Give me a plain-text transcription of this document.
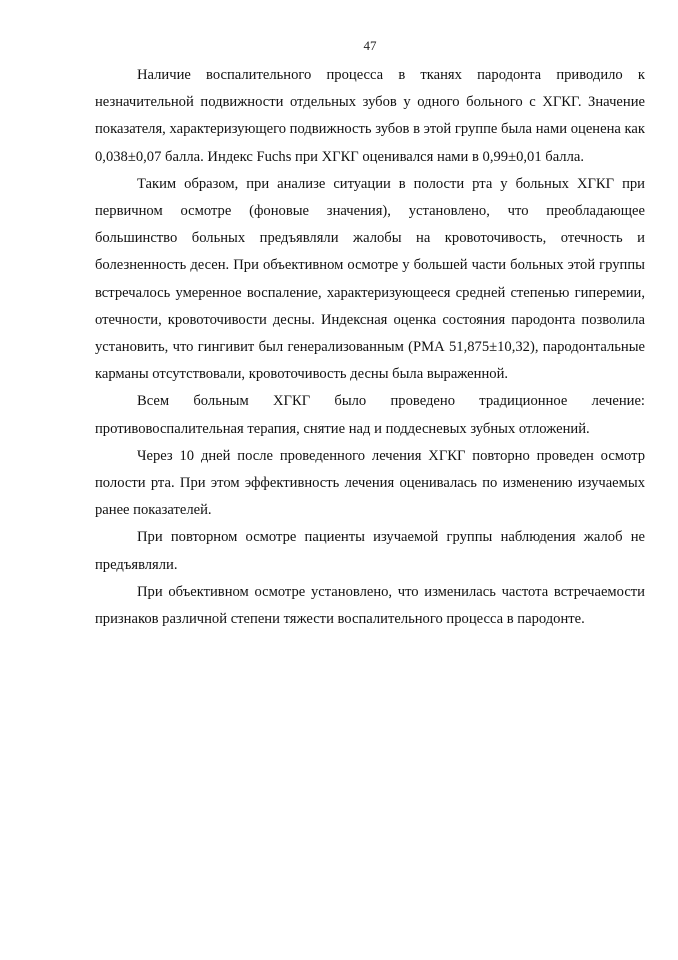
47

Наличие воспалительного процесса в тканях пародонта приводило к незначительной подвижности отдельных зубов у одного больного с ХГКГ. Значение показателя, характеризующего подвижность зубов в этой группе была нами оценена как 0,038±0,07 балла. Индекс Fuchs при ХГКГ оценивался нами в 0,99±0,01 балла.

Таким образом, при анализе ситуации в полости рта у больных ХГКГ при первичном осмотре (фоновые значения), установлено, что преобладающее большинство больных предъявляли жалобы на кровоточивость, отечность и болезненность десен. При объективном осмотре у большей части больных этой группы встречалось умеренное воспаление, характеризующееся средней степенью гиперемии, отечности, кровоточивости десны. Индексная оценка состояния пародонта позволила установить, что гингивит был генерализованным (РМА 51,875±10,32), пародонтальные карманы отсутствовали, кровоточивость десны была выраженной.

Всем больным ХГКГ было проведено традиционное лечение: противовоспалительная терапия, снятие над и поддесневых зубных отложений.

Через 10 дней после проведенного лечения ХГКГ повторно проведен осмотр полости рта. При этом эффективность лечения оценивалась по изменению изучаемых ранее показателей.

При повторном осмотре пациенты изучаемой группы наблюдения жалоб не предъявляли.

При объективном осмотре установлено, что изменилась частота встречаемости признаков различной степени тяжести воспалительного процесса в пародонте.
